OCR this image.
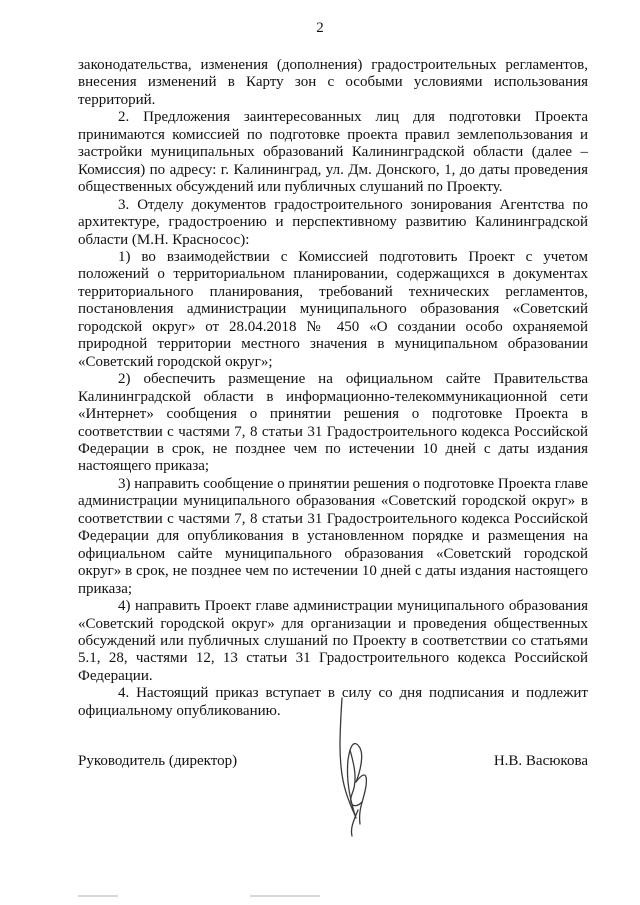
2

законодательства, изменения (дополнения) градостроительных регламентов, внесения изменений в Карту зон с особыми условиями использования территорий.

2. Предложения заинтересованных лиц для подготовки Проекта принимаются комиссией по подготовке проекта правил землепользования и застройки муниципальных образований Калининградской области (далее – Комиссия) по адресу: г. Калининград, ул. Дм. Донского, 1, до даты проведения общественных обсуждений или публичных слушаний по Проекту.

3. Отделу документов градостроительного зонирования Агентства по архитектуре, градостроению и перспективному развитию Калининградской области (М.Н. Красносос):

1) во взаимодействии с Комиссией подготовить Проект с учетом положений о территориальном планировании, содержащихся в документах территориального планирования, требований технических регламентов, постановления администрации муниципального образования «Советский городской округ» от 28.04.2018 № 450 «О создании особо охраняемой природной территории местного значения в муниципальном образовании «Советский городской округ»;

2) обеспечить размещение на официальном сайте Правительства Калининградской области в информационно-телекоммуникационной сети «Интернет» сообщения о принятии решения о подготовке Проекта в соответствии с частями 7, 8 статьи 31 Градостроительного кодекса Российской Федерации в срок, не позднее чем по истечении 10 дней с даты издания настоящего приказа;

3) направить сообщение о принятии решения о подготовке Проекта главе администрации муниципального образования «Советский городской округ» в соответствии с частями 7, 8 статьи 31 Градостроительного кодекса Российской Федерации для опубликования в установленном порядке и размещения на официальном сайте муниципального образования «Советский городской округ» в срок, не позднее чем по истечении 10 дней с даты издания настоящего приказа;

4) направить Проект главе администрации муниципального образования «Советский городской округ» для организации и проведения общественных обсуждений или публичных слушаний по Проекту в соответствии со статьями 5.1, 28, частями 12, 13 статьи 31 Градостроительного кодекса Российской Федерации.

4. Настоящий приказ вступает в силу со дня подписания и подлежит официальному опубликованию.

Руководитель (директор)	Н.В. Васюкова
